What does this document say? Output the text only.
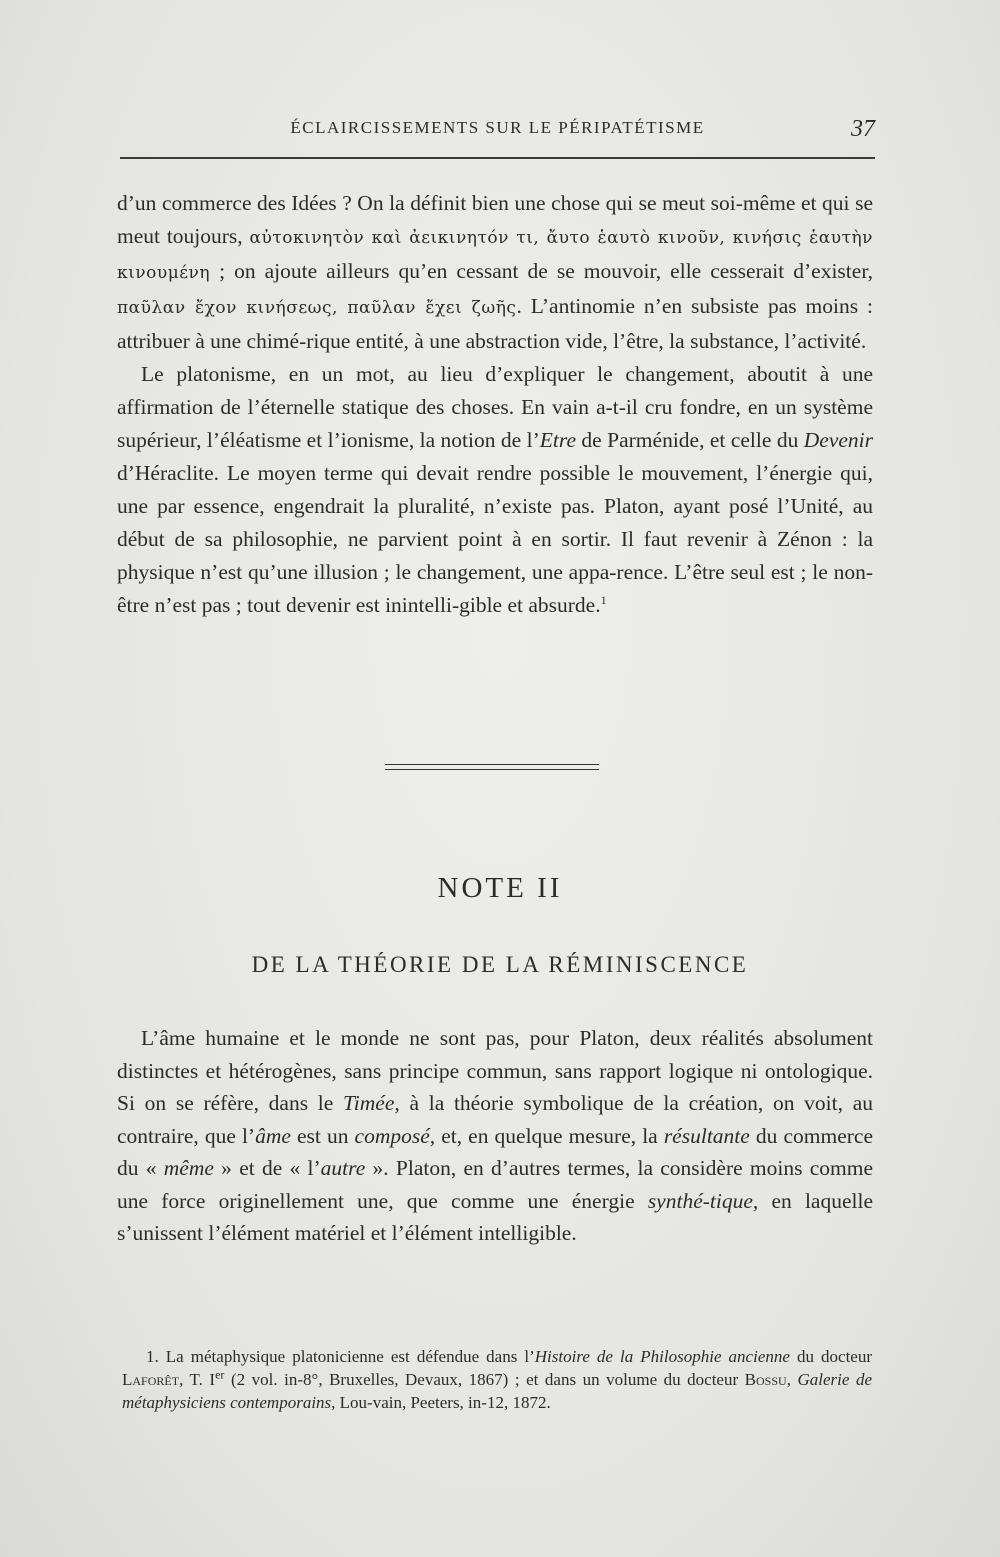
ÉCLAIRCISSEMENTS SUR LE PÉRIPATÉTISME	37

d’un commerce des Idées ? On la définit bien une chose qui se meut soi-même et qui se meut toujours, αὐτοκινητὸν καὶ ἀεικινητόν τι, ἄυτο ἑαυτὸ κινοῦν, κινήσις ἑαυτὴν κινουμένη ; on ajoute ailleurs qu’en cessant de se mouvoir, elle cesserait d’exister, παῦλαν ἔχον κινήσεως, παῦλαν ἔχει ζωῆς. L’antinomie n’en subsiste pas moins : attribuer à une chimé-rique entité, à une abstraction vide, l’être, la substance, l’activité.

Le platonisme, en un mot, au lieu d’expliquer le changement, aboutit à une affirmation de l’éternelle statique des choses. En vain a-t-il cru fondre, en un système supérieur, l’éléatisme et l’ionisme, la notion de l’Etre de Parménide, et celle du Devenir d’Héraclite. Le moyen terme qui devait rendre possible le mouvement, l’énergie qui, une par essence, engendrait la pluralité, n’existe pas. Platon, ayant posé l’Unité, au début de sa philosophie, ne parvient point à en sortir. Il faut revenir à Zénon : la physique n’est qu’une illusion ; le changement, une appa-rence. L’être seul est ; le non-être n’est pas ; tout devenir est inintelli-gible et absurde.$^1$

NOTE II
DE LA THÉORIE DE LA RÉMINISCENCE

L’âme humaine et le monde ne sont pas, pour Platon, deux réalités absolument distinctes et hétérogènes, sans principe commun, sans rapport logique ni ontologique. Si on se réfère, dans le Timée, à la théorie symbolique de la création, on voit, au contraire, que l’âme est un composé, et, en quelque mesure, la résultante du commerce du « même » et de « l’autre ». Platon, en d’autres termes, la considère moins comme une force originellement une, que comme une énergie synthé-tique, en laquelle s’unissent l’élément matériel et l’élément intelligible.

1. La métaphysique platonicienne est défendue dans l’Histoire de la Philosophie ancienne du docteur Laforêt, T. Ier (2 vol. in-8°, Bruxelles, Devaux, 1867) ; et dans un volume du docteur Bossu, Galerie de métaphysiciens contemporains, Lou-vain, Peeters, in-12, 1872.
